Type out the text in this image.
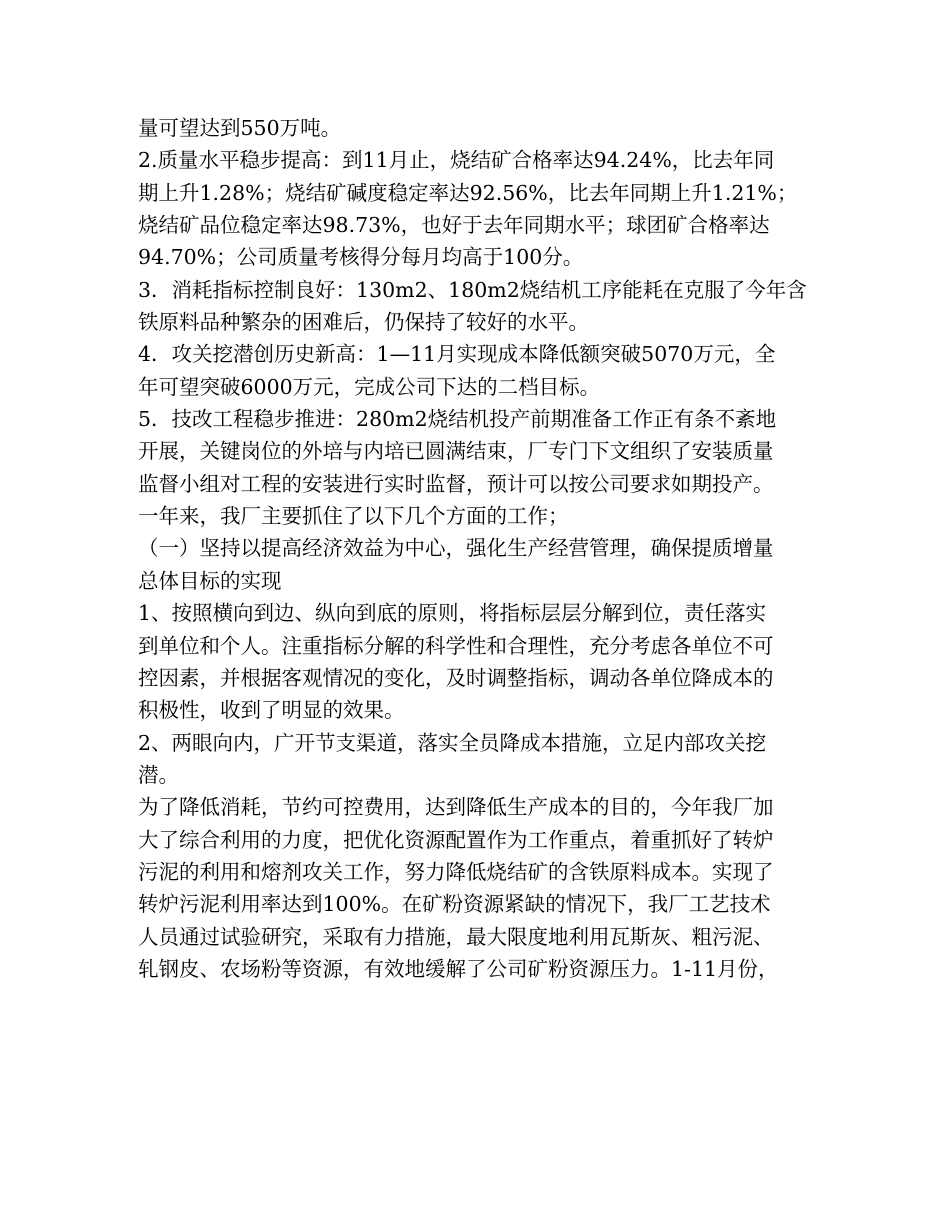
量可望达到550万吨。
2.质量水平稳步提高：到11月止，烧结矿合格率达94.24%，比去年同
期上升1.28%；烧结矿碱度稳定率达92.56%，比去年同期上升1.21%；
烧结矿品位稳定率达98.73%，也好于去年同期水平；球团矿合格率达
94.70%；公司质量考核得分每月均高于100分。
3．消耗指标控制良好：130m2、180m2烧结机工序能耗在克服了今年含
铁原料品种繁杂的困难后，仍保持了较好的水平。
4．攻关挖潜创历史新高：1—11月实现成本降低额突破5070万元，全
年可望突破6000万元，完成公司下达的二档目标。
5．技改工程稳步推进：280m2烧结机投产前期准备工作正有条不紊地
开展，关键岗位的外培与内培已圆满结束，厂专门下文组织了安装质量
监督小组对工程的安装进行实时监督，预计可以按公司要求如期投产。
一年来，我厂主要抓住了以下几个方面的工作；
（一）坚持以提高经济效益为中心，强化生产经营管理，确保提质增量
总体目标的实现
1、按照横向到边、纵向到底的原则，将指标层层分解到位，责任落实
到单位和个人。注重指标分解的科学性和合理性，充分考虑各单位不可
控因素，并根据客观情况的变化，及时调整指标，调动各单位降成本的
积极性，收到了明显的效果。
2、两眼向内，广开节支渠道，落实全员降成本措施，立足内部攻关挖
潜。
为了降低消耗，节约可控费用，达到降低生产成本的目的，今年我厂加
大了综合利用的力度，把优化资源配置作为工作重点，着重抓好了转炉
污泥的利用和熔剂攻关工作，努力降低烧结矿的含铁原料成本。实现了
转炉污泥利用率达到100%。在矿粉资源紧缺的情况下，我厂工艺技术
人员通过试验研究，采取有力措施，最大限度地利用瓦斯灰、粗污泥、
轧钢皮、农场粉等资源，有效地缓解了公司矿粉资源压力。1-11月份，
